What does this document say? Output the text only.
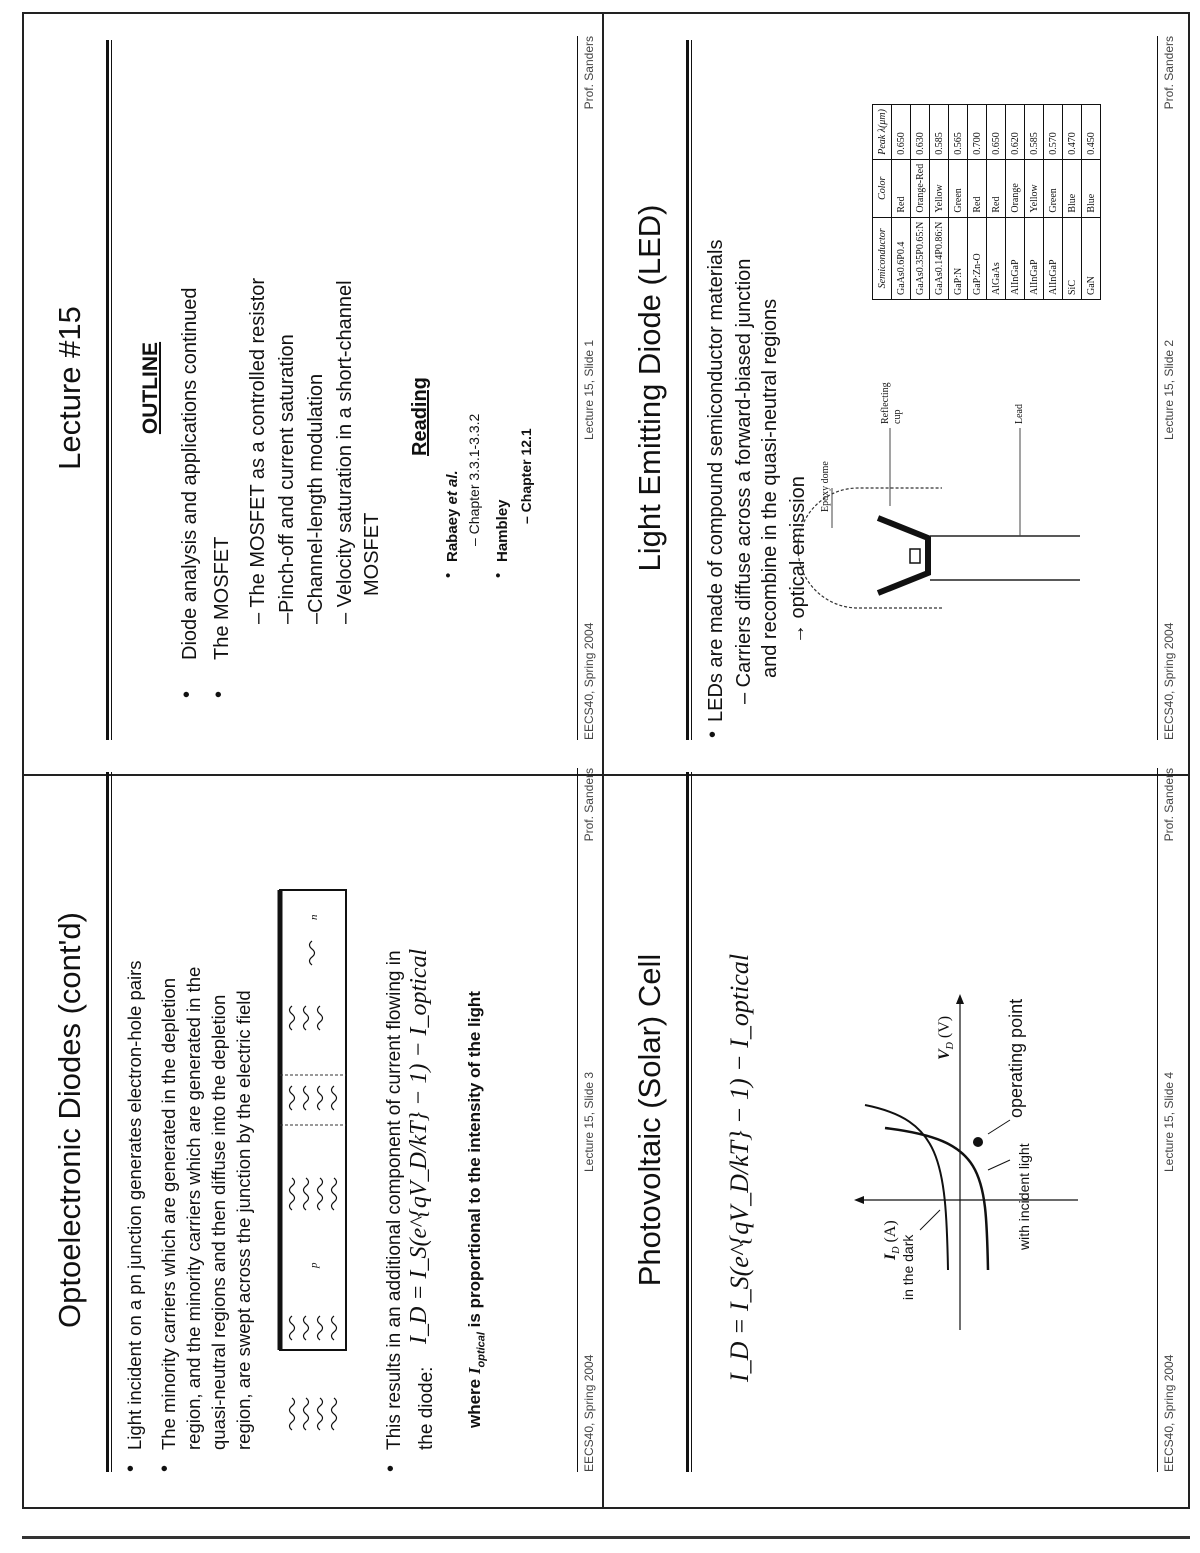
Lecture #15 OUTLINE
•
Diode analysis and applications continued
•
The MOSFET – The MOSFET as a controlled resistor –Pinch-off and current saturation –Channel-length modulation – Velocity saturation in a short-channel MOSFET
Reading
•
Rabaey et al. – Chapter 3.3.1-3.3.2
•
Hambley
– Chapter 12.1
EECS40, Spring 2004
Lecture 15, Slide 1
Prof. Sanders
Light Emitting Diode (LED)
•
LEDs are made of compound semiconductor materials – Carriers diffuse across a forward-biased junction and recombine in the quasi-neutral regions → optical emission Epoxy dome
Reflecting cup	Lead
Semiconductor	Color	Peak λ(μm)
GaAs0.6P0.4	Red	0.650
GaAs0.35P0.65:N	Orange-Red	0.630
GaAs0.14P0.86:N	Yellow	0.585
GaP:N	Green	0.565
GaP:Zn-O	Red	0.700
AlGaAs	Red	0.650
AlInGaP	Orange	0.620
AlInGaP	Yellow	0.585
AlInGaP	Green	0.570
SiC	Blue	0.470
GaN	Blue	0.450
EECS40, Spring 2004
Lecture 15, Slide 2
Prof. Sanders
Optoelectronic Diodes (cont'd)
•
Light incident on a pn junction generates electron-hole pairs
•
The minority carriers which are generated in the depletion region, and the minority carriers which are generated in the quasi-neutral regions and then diffuse into the depletion region, are swept across the junction by the electric field	p
n
•
This results in an additional component of current flowing in the diode:
I_D = I_S(e^{qV_D/kT} − 1) − I_optical
where $I_{optical}$ is proportional to the intensity of the light
EECS40, Spring 2004
Lecture 15, Slide 3
Prof. Sanders
Photovoltaic (Solar) Cell I_D = I_S(e^{qV_D/kT} − 1) − I_optical	$I_D$ (A)
$V_D$ (V)
in the dark
with incident light
operating point
EECS40, Spring 2004
Lecture 15, Slide 4
Prof. Sanders
